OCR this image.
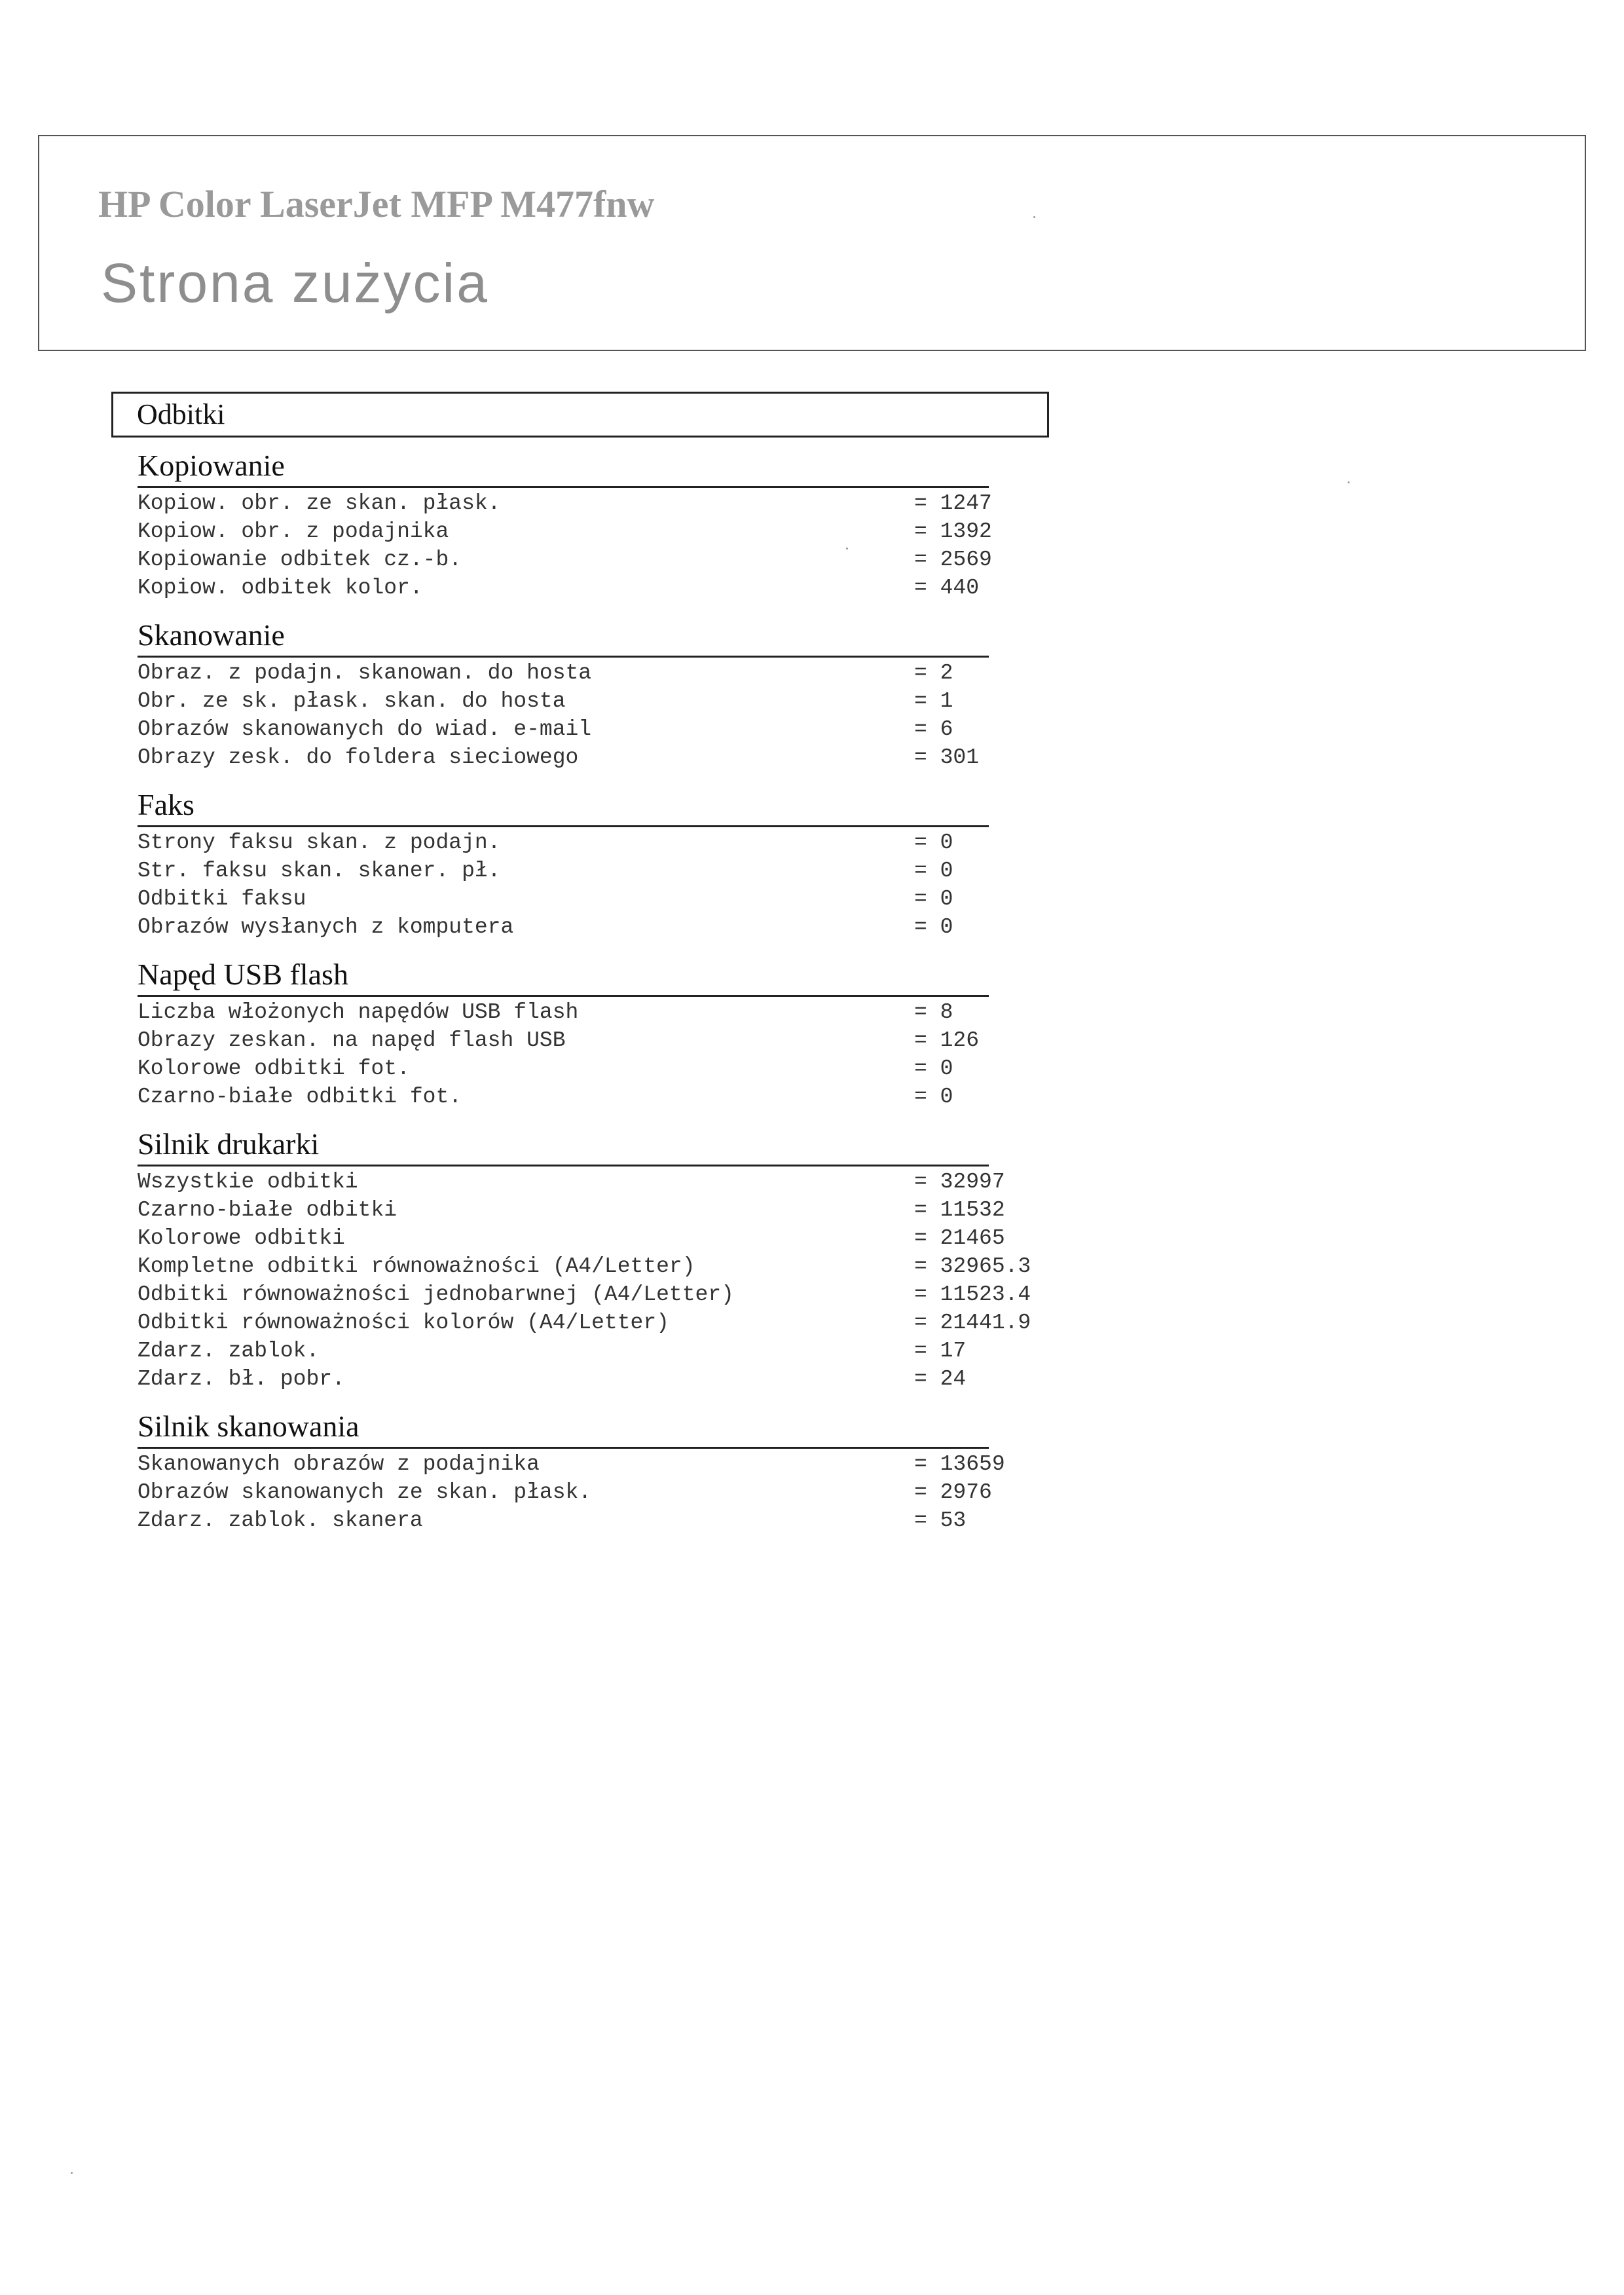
HP Color LaserJet MFP M477fnw
Strona zużycia
Odbitki
Kopiowanie
Kopiow. obr. ze skan. płask.	= 1247
Kopiow. obr. z podajnika	= 1392
Kopiowanie odbitek cz.-b.	= 2569
Kopiow. odbitek kolor.	= 440
Skanowanie
Obraz. z podajn. skanowan. do hosta	= 2
Obr. ze sk. płask. skan. do hosta	= 1
Obrazów skanowanych do wiad. e-mail	= 6
Obrazy zesk. do foldera sieciowego	= 301
Faks
Strony faksu skan. z podajn.	= 0
Str. faksu skan. skaner. pł.	= 0
Odbitki faksu	= 0
Obrazów wysłanych z komputera	= 0
Napęd USB flash
Liczba włożonych napędów USB flash	= 8
Obrazy zeskan. na napęd flash USB	= 126
Kolorowe odbitki fot.	= 0
Czarno-białe odbitki fot.	= 0
Silnik drukarki
Wszystkie odbitki	= 32997
Czarno-białe odbitki	= 11532
Kolorowe odbitki	= 21465
Kompletne odbitki równoważności (A4/Letter)	= 32965.3
Odbitki równoważności jednobarwnej (A4/Letter)	= 11523.4
Odbitki równoważności kolorów (A4/Letter)	= 21441.9
Zdarz. zablok.	= 17
Zdarz. bł. pobr.	= 24
Silnik skanowania
Skanowanych obrazów z podajnika	= 13659
Obrazów skanowanych ze skan. płask.	= 2976
Zdarz. zablok. skanera	= 53
